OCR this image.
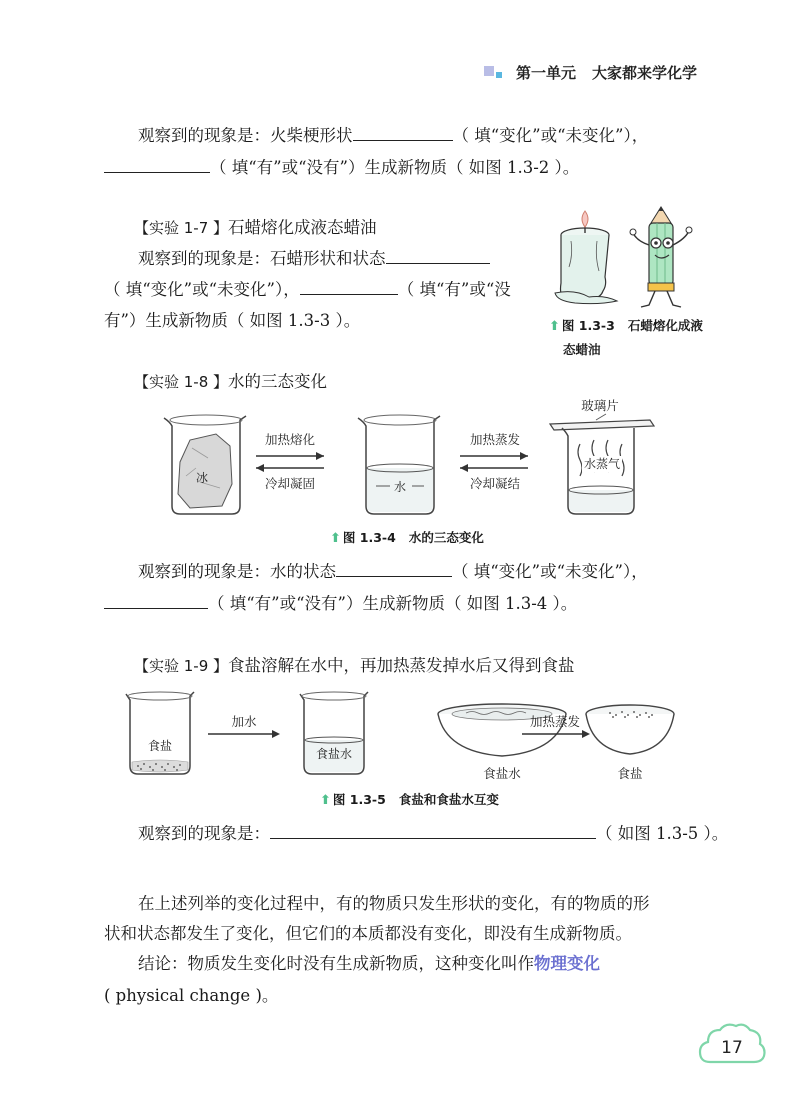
第一单元 大家都来学化学
观察到的现象是：火柴梗形状	（ 填“变化”或“未变化”），
（ 填“有”或“没有”）生成新物质（ 如图 1.3-2 ）。
【实验 1-7 】石蜡熔化成液态蜡油
观察到的现象是：石蜡形状和状态
（ 填“变化”或“未变化”），	（ 填“有”或“没
有”）生成新物质（ 如图 1.3-3 ）。	⬆ 图 1.3-3 石蜡熔化成液
态蜡油
【实验 1-8 】水的三态变化
冰
加热熔化
冷却凝固	水
加热蒸发
冷却凝结
玻璃片
水蒸气
⬆ 图 1.3-4 水的三态变化
观察到的现象是：水的状态	（ 填“变化”或“未变化”），
（ 填“有”或“没有”）生成新物质（ 如图 1.3-4 ）。
【实验 1-9 】食盐溶解在水中，再加热蒸发掉水后又得到食盐
食盐
加水
食盐水
食盐水
加热蒸发
食盐
⬆ 图 1.3-5 食盐和食盐水互变
观察到的现象是：	（ 如图 1.3-5 ）。
在上述列举的变化过程中，有的物质只发生形状的变化，有的物质的形
状和状态都发生了变化，但它们的本质都没有变化，即没有生成新物质。
结论：物质发生变化时没有生成新物质，这种变化叫作物理变化
( physical change )。
17
